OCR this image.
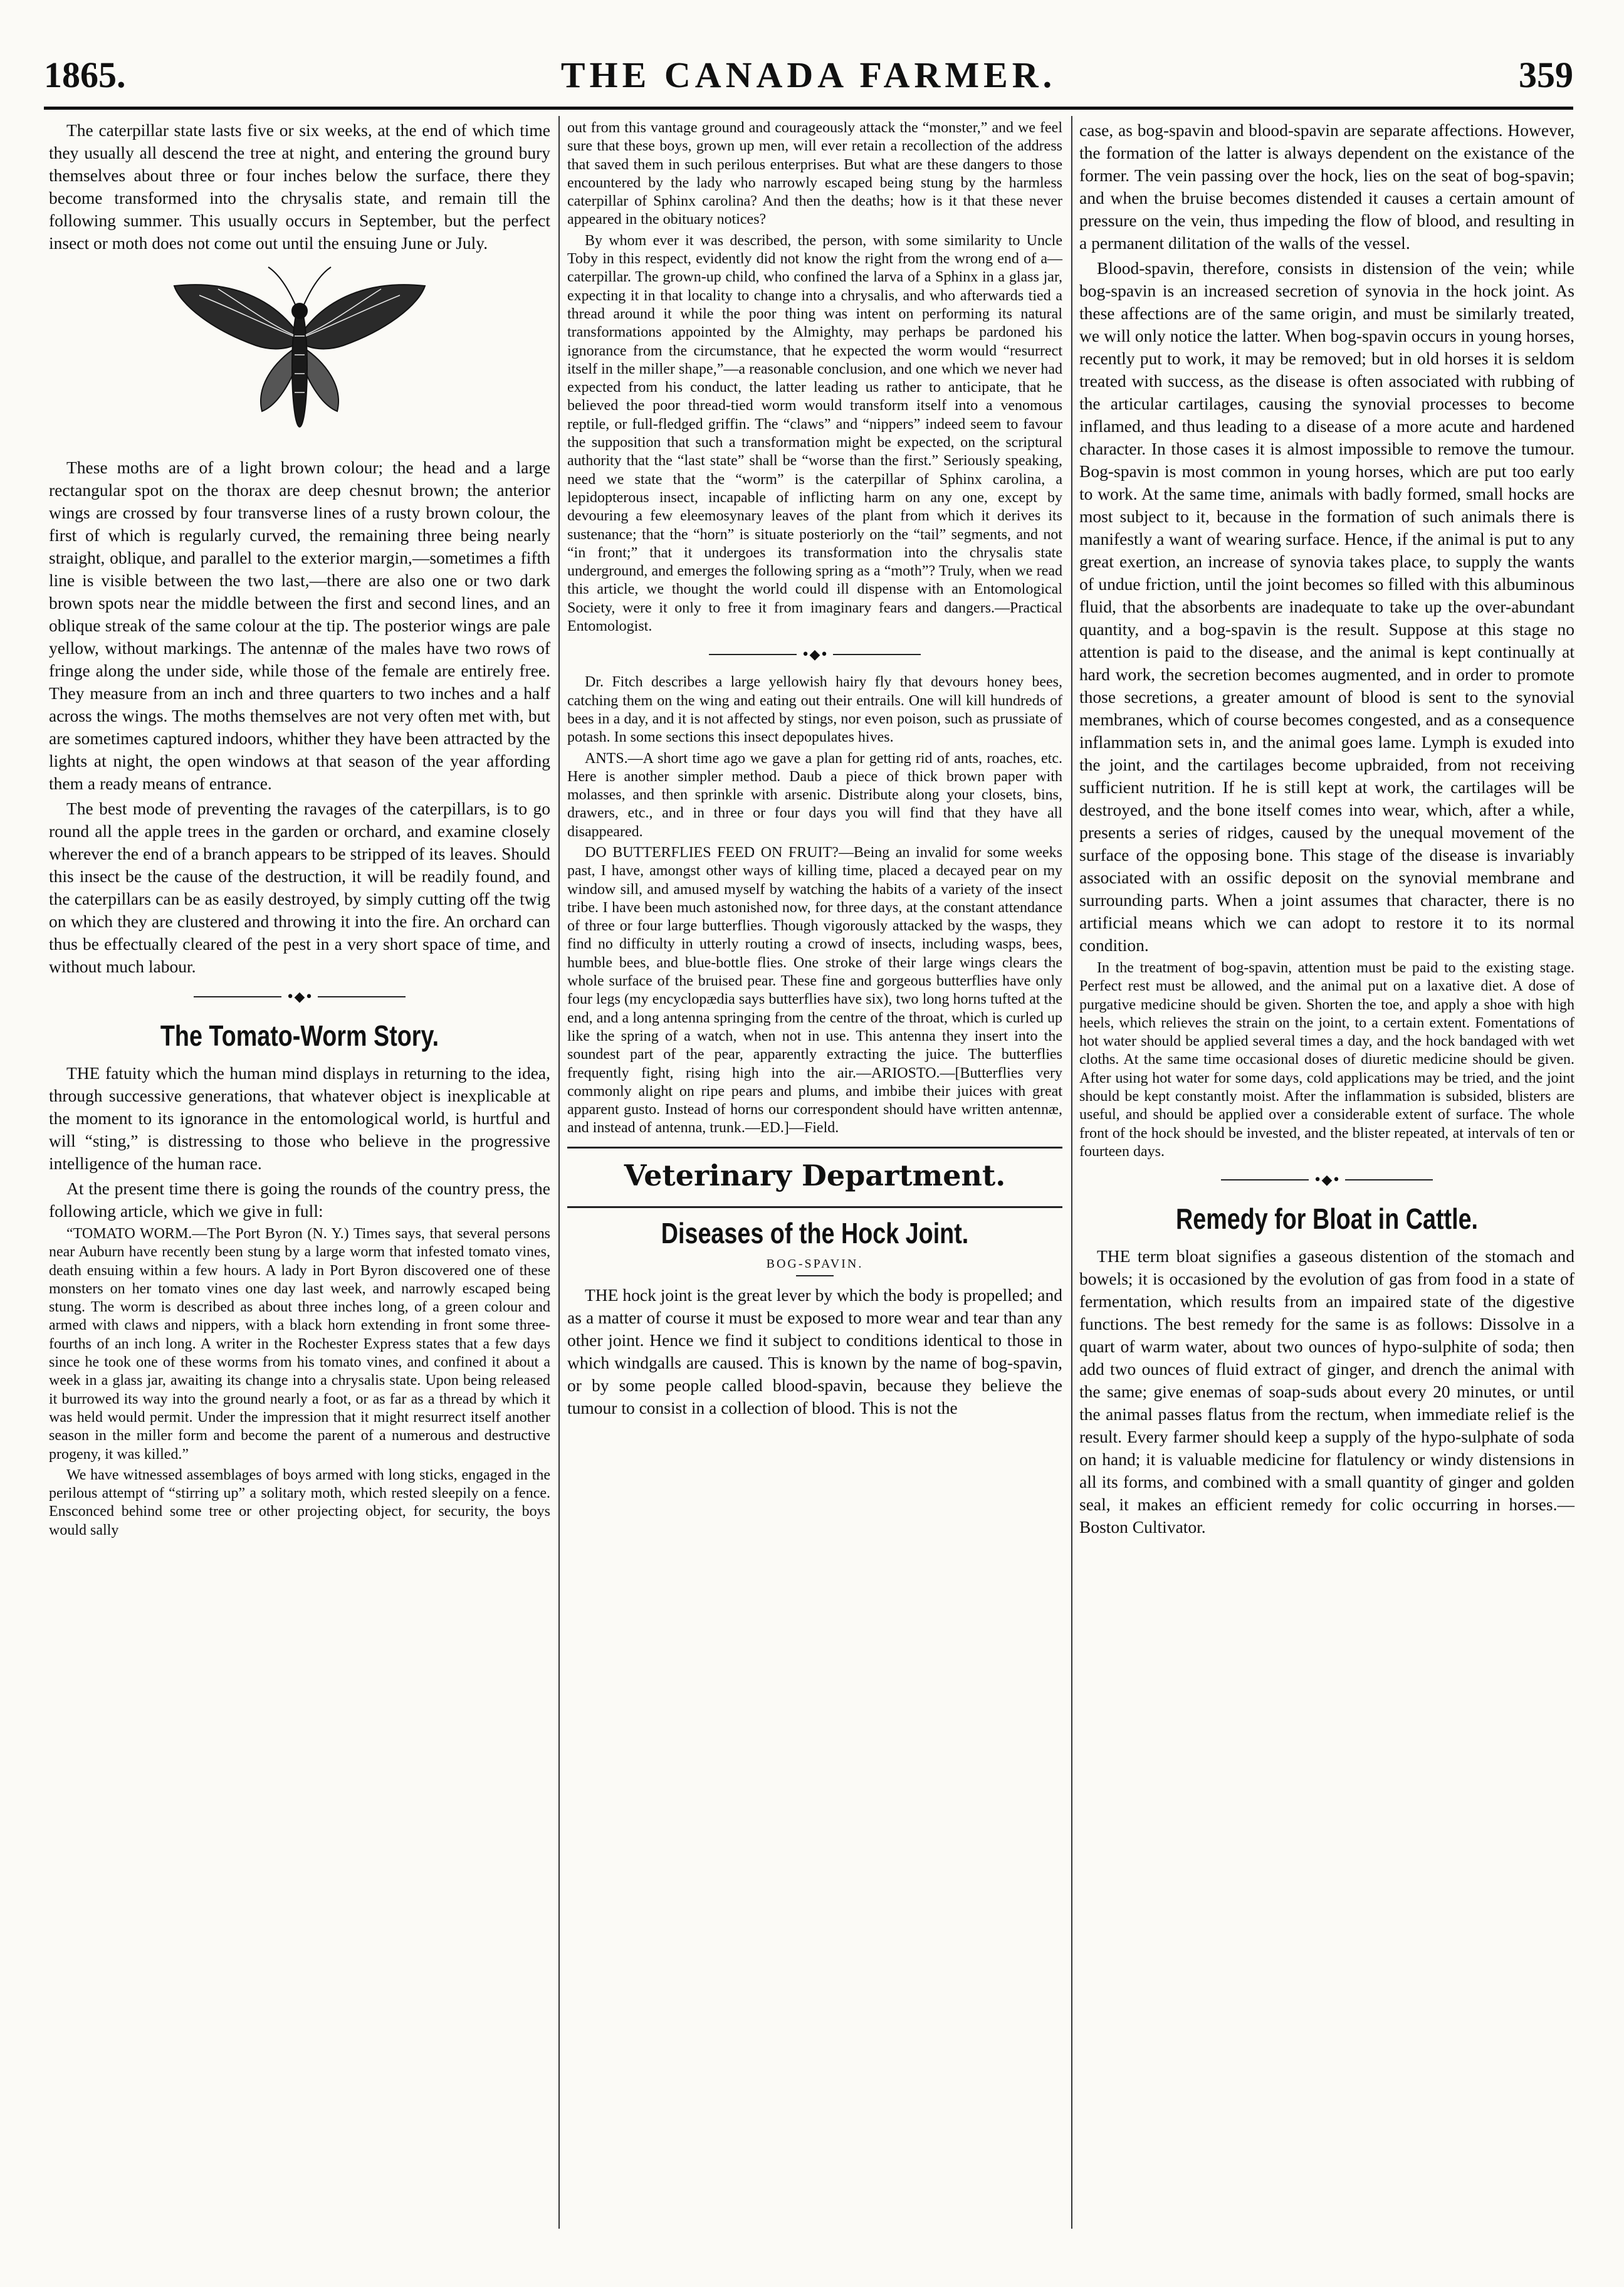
1865.	THE CANADA FARMER.	359

The caterpillar state lasts five or six weeks, at the end of which time they usually all descend the tree at night, and entering the ground bury themselves about three or four inches below the surface, there they become transformed into the chrysalis state, and remain till the following summer. This usually occurs in September, but the perfect insect or moth does not come out until the ensuing June or July.

These moths are of a light brown colour; the head and a large rectangular spot on the thorax are deep chesnut brown; the anterior wings are crossed by four transverse lines of a rusty brown colour, the first of which is regularly curved, the remaining three being nearly straight, oblique, and parallel to the exterior margin,—sometimes a fifth line is visible between the two last,—there are also one or two dark brown spots near the middle between the first and second lines, and an oblique streak of the same colour at the tip. The posterior wings are pale yellow, without markings. The antennæ of the males have two rows of fringe along the under side, while those of the female are entirely free. They measure from an inch and three quarters to two inches and a half across the wings. The moths themselves are not very often met with, but are sometimes captured indoors, whither they have been attracted by the lights at night, the open windows at that season of the year affording them a ready means of entrance.

The best mode of preventing the ravages of the caterpillars, is to go round all the apple trees in the garden or orchard, and examine closely wherever the end of a branch appears to be stripped of its leaves. Should this insect be the cause of the destruction, it will be readily found, and the caterpillars can be as easily destroyed, by simply cutting off the twig on which they are clustered and throwing it into the fire. An orchard can thus be effectually cleared of the pest in a very short space of time, and without much labour.

•◆•
The Tomato-Worm Story.

THE fatuity which the human mind displays in returning to the idea, through successive generations, that whatever object is inexplicable at the moment to its ignorance in the entomological world, is hurtful and will “sting,” is distressing to those who believe in the progressive intelligence of the human race.

At the present time there is going the rounds of the country press, the following article, which we give in full:

“TOMATO WORM.—The Port Byron (N. Y.) Times says, that several persons near Auburn have recently been stung by a large worm that infested tomato vines, death ensuing within a few hours. A lady in Port Byron discovered one of these monsters on her tomato vines one day last week, and narrowly escaped being stung. The worm is described as about three inches long, of a green colour and armed with claws and nippers, with a black horn extending in front some three-fourths of an inch long. A writer in the Rochester Express states that a few days since he took one of these worms from his tomato vines, and confined it about a week in a glass jar, awaiting its change into a chrysalis state. Upon being released it burrowed its way into the ground nearly a foot, or as far as a thread by which it was held would permit. Under the impression that it might resurrect itself another season in the miller form and become the parent of a numerous and destructive progeny, it was killed.”

We have witnessed assemblages of boys armed with long sticks, engaged in the perilous attempt of “stirring up” a solitary moth, which rested sleepily on a fence. Ensconced behind some tree or other projecting object, for security, the boys would sally

out from this vantage ground and courageously attack the “monster,” and we feel sure that these boys, grown up men, will ever retain a recollection of the address that saved them in such perilous enterprises. But what are these dangers to those encountered by the lady who narrowly escaped being stung by the harmless caterpillar of Sphinx carolina? And then the deaths; how is it that these never appeared in the obituary notices?

By whom ever it was described, the person, with some similarity to Uncle Toby in this respect, evidently did not know the right from the wrong end of a—caterpillar. The grown-up child, who confined the larva of a Sphinx in a glass jar, expecting it in that locality to change into a chrysalis, and who afterwards tied a thread around it while the poor thing was intent on performing its natural transformations appointed by the Almighty, may perhaps be pardoned his ignorance from the circumstance, that he expected the worm would “resurrect itself in the miller shape,”—a reasonable conclusion, and one which we never had expected from his conduct, the latter leading us rather to anticipate, that he believed the poor thread-tied worm would transform itself into a venomous reptile, or full-fledged griffin. The “claws” and “nippers” indeed seem to favour the supposition that such a transformation might be expected, on the scriptural authority that the “last state” shall be “worse than the first.” Seriously speaking, need we state that the “worm” is the caterpillar of Sphinx carolina, a lepidopterous insect, incapable of inflicting harm on any one, except by devouring a few eleemosynary leaves of the plant from which it derives its sustenance; that the “horn” is situate posteriorly on the “tail” segments, and not “in front;” that it undergoes its transformation into the chrysalis state underground, and emerges the following spring as a “moth”? Truly, when we read this article, we thought the world could ill dispense with an Entomological Society, were it only to free it from imaginary fears and dangers.—Practical Entomologist.

•◆•

Dr. Fitch describes a large yellowish hairy fly that devours honey bees, catching them on the wing and eating out their entrails. One will kill hundreds of bees in a day, and it is not affected by stings, nor even poison, such as prussiate of potash. In some sections this insect depopulates hives.

ANTS.—A short time ago we gave a plan for getting rid of ants, roaches, etc. Here is another simpler method. Daub a piece of thick brown paper with molasses, and then sprinkle with arsenic. Distribute along your closets, bins, drawers, etc., and in three or four days you will find that they have all disappeared.

DO BUTTERFLIES FEED ON FRUIT?—Being an invalid for some weeks past, I have, amongst other ways of killing time, placed a decayed pear on my window sill, and amused myself by watching the habits of a variety of the insect tribe. I have been much astonished now, for three days, at the constant attendance of three or four large butterflies. Though vigorously attacked by the wasps, they find no difficulty in utterly routing a crowd of insects, including wasps, bees, humble bees, and blue-bottle flies. One stroke of their large wings clears the whole surface of the bruised pear. These fine and gorgeous butterflies have only four legs (my encyclopædia says butterflies have six), two long horns tufted at the end, and a long antenna springing from the centre of the throat, which is curled up like the spring of a watch, when not in use. This antenna they insert into the soundest part of the pear, apparently extracting the juice. The butterflies frequently fight, rising high into the air.—ARIOSTO.—[Butterflies very commonly alight on ripe pears and plums, and imbibe their juices with great apparent gusto. Instead of horns our correspondent should have written antennæ, and instead of antenna, trunk.—ED.]—Field.

Veterinary Department.
Diseases of the Hock Joint.
BOG-SPAVIN.

THE hock joint is the great lever by which the body is propelled; and as a matter of course it must be exposed to more wear and tear than any other joint. Hence we find it subject to conditions identical to those in which windgalls are caused. This is known by the name of bog-spavin, or by some people called blood-spavin, because they believe the tumour to consist in a collection of blood. This is not the

case, as bog-spavin and blood-spavin are separate affections. However, the formation of the latter is always dependent on the existance of the former. The vein passing over the hock, lies on the seat of bog-spavin; and when the bruise becomes distended it causes a certain amount of pressure on the vein, thus impeding the flow of blood, and resulting in a permanent dilitation of the walls of the vessel.

Blood-spavin, therefore, consists in distension of the vein; while bog-spavin is an increased secretion of synovia in the hock joint. As these affections are of the same origin, and must be similarly treated, we will only notice the latter. When bog-spavin occurs in young horses, recently put to work, it may be removed; but in old horses it is seldom treated with success, as the disease is often associated with rubbing of the articular cartilages, causing the synovial processes to become inflamed, and thus leading to a disease of a more acute and hardened character. In those cases it is almost impossible to remove the tumour. Bog-spavin is most common in young horses, which are put too early to work. At the same time, animals with badly formed, small hocks are most subject to it, because in the formation of such animals there is manifestly a want of wearing surface. Hence, if the animal is put to any great exertion, an increase of synovia takes place, to supply the wants of undue friction, until the joint becomes so filled with this albuminous fluid, that the absorbents are inadequate to take up the over-abundant quantity, and a bog-spavin is the result. Suppose at this stage no attention is paid to the disease, and the animal is kept continually at hard work, the secretion becomes augmented, and in order to promote those secretions, a greater amount of blood is sent to the synovial membranes, which of course becomes congested, and as a consequence inflammation sets in, and the animal goes lame. Lymph is exuded into the joint, and the cartilages become upbraided, from not receiving sufficient nutrition. If he is still kept at work, the cartilages will be destroyed, and the bone itself comes into wear, which, after a while, presents a series of ridges, caused by the unequal movement of the surface of the opposing bone. This stage of the disease is invariably associated with an ossific deposit on the synovial membrane and surrounding parts. When a joint assumes that character, there is no artificial means which we can adopt to restore it to its normal condition.

In the treatment of bog-spavin, attention must be paid to the existing stage. Perfect rest must be allowed, and the animal put on a laxative diet. A dose of purgative medicine should be given. Shorten the toe, and apply a shoe with high heels, which relieves the strain on the joint, to a certain extent. Fomentations of hot water should be applied several times a day, and the hock bandaged with wet cloths. At the same time occasional doses of diuretic medicine should be given. After using hot water for some days, cold applications may be tried, and the joint should be kept constantly moist. After the inflammation is subsided, blisters are useful, and should be applied over a considerable extent of surface. The whole front of the hock should be invested, and the blister repeated, at intervals of ten or fourteen days.

•◆•
Remedy for Bloat in Cattle.

THE term bloat signifies a gaseous distention of the stomach and bowels; it is occasioned by the evolution of gas from food in a state of fermentation, which results from an impaired state of the digestive functions. The best remedy for the same is as follows: Dissolve in a quart of warm water, about two ounces of hypo-sulphite of soda; then add two ounces of fluid extract of ginger, and drench the animal with the same; give enemas of soap-suds about every 20 minutes, or until the animal passes flatus from the rectum, when immediate relief is the result. Every farmer should keep a supply of the hypo-sulphate of soda on hand; it is valuable medicine for flatulency or windy distensions in all its forms, and combined with a small quantity of ginger and golden seal, it makes an efficient remedy for colic occurring in horses.—Boston Cultivator.
